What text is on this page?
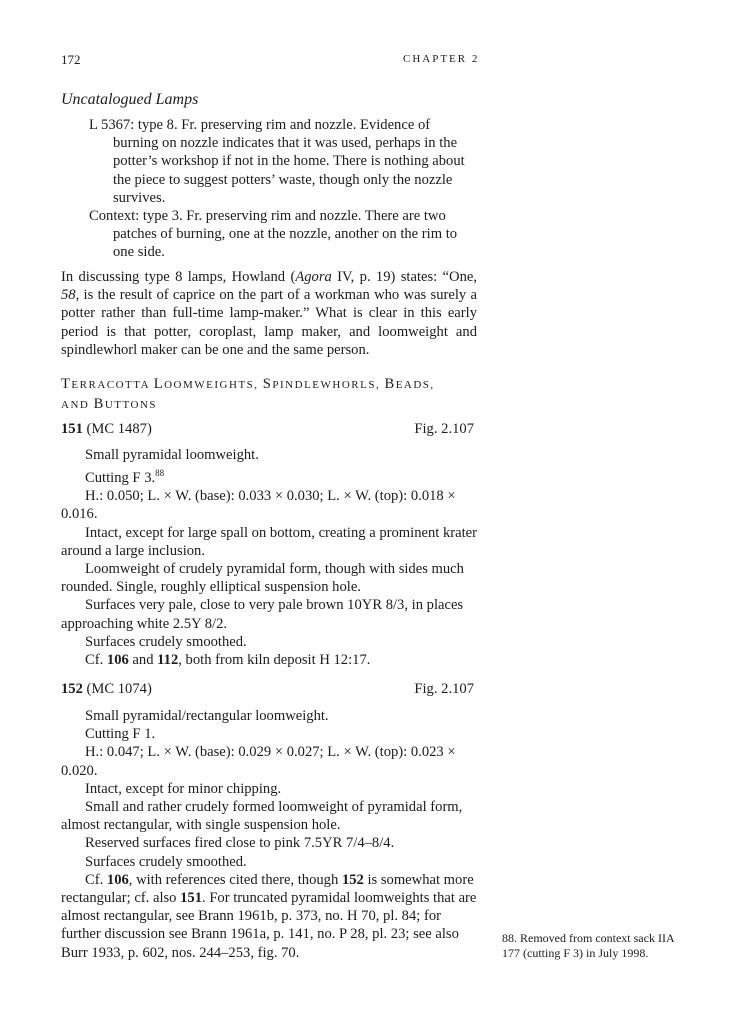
172	CHAPTER 2
Uncatalogued Lamps

L 5367: type 8. Fr. preserving rim and nozzle. Evidence of burning on nozzle indicates that it was used, perhaps in the potter’s workshop if not in the home. There is nothing about the piece to suggest potters’ waste, though only the nozzle survives.

Context: type 3. Fr. preserving rim and nozzle. There are two patches of burning, one at the nozzle, another on the rim to one side.

In discussing type 8 lamps, Howland (Agora IV, p. 19) states: “One, 58, is the result of caprice on the part of a workman who was surely a potter rather than full-time lamp-maker.” What is clear in this early period is that potter, coroplast, lamp maker, and loomweight and spindlewhorl maker can be one and the same person.

TERRACOTTA LOOMWEIGHTS, SPINDLEWHORLS, BEADS,
AND BUTTONS
151 (MC 1487)	Fig. 2.107

Small pyramidal loomweight.

Cutting F 3.88

H.: 0.050; L. × W. (base): 0.033 × 0.030; L. × W. (top): 0.018 × 0.016.

Intact, except for large spall on bottom, creating a prominent krater around a large inclusion.

Loomweight of crudely pyramidal form, though with sides much rounded. Single, roughly elliptical suspension hole.

Surfaces very pale, close to very pale brown 10YR 8/3, in places approaching white 2.5Y 8/2.

Surfaces crudely smoothed.

Cf. 106 and 112, both from kiln deposit H 12:17.

152 (MC 1074)	Fig. 2.107

Small pyramidal/rectangular loomweight.

Cutting F 1.

H.: 0.047; L. × W. (base): 0.029 × 0.027; L. × W. (top): 0.023 × 0.020.

Intact, except for minor chipping.

Small and rather crudely formed loomweight of pyramidal form, almost rectangular, with single suspension hole.

Reserved surfaces fired close to pink 7.5YR 7/4–8/4.

Surfaces crudely smoothed.

Cf. 106, with references cited there, though 152 is somewhat more rectangular; cf. also 151. For truncated pyramidal loomweights that are almost rectangular, see Brann 1961b, p. 373, no. H 70, pl. 84; for further discussion see Brann 1961a, p. 141, no. P 28, pl. 23; see also Burr 1933, p. 602, nos. 244–253, fig. 70.

88. Removed from context sack IIA

177 (cutting F 3) in July 1998.
